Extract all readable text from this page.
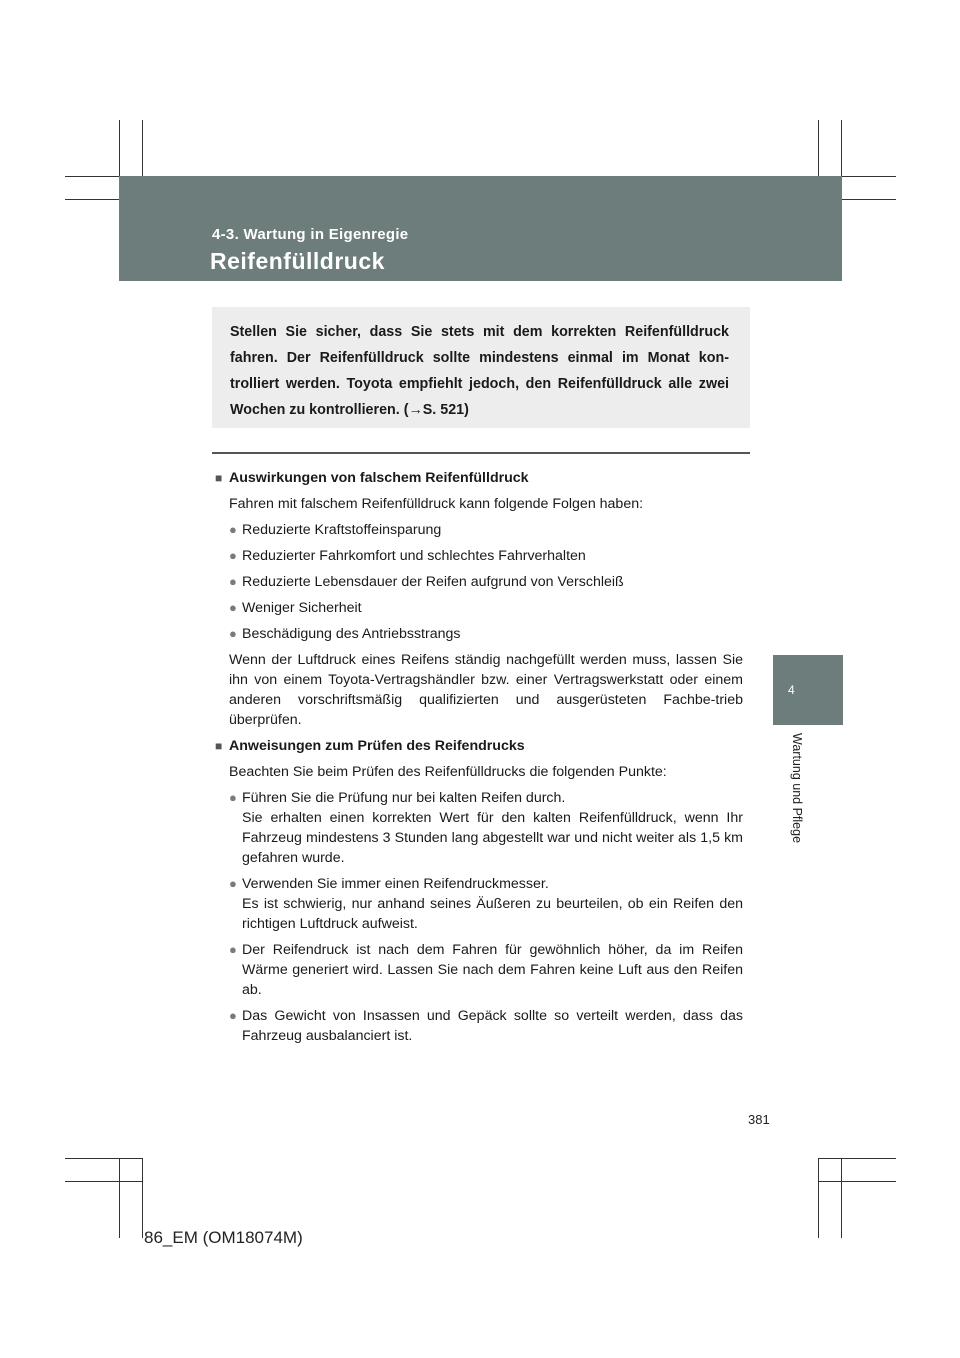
4-3. Wartung in Eigenregie
Reifenfülldruck

Stellen Sie sicher, dass Sie stets mit dem korrekten Reifenfülldruck fahren. Der Reifenfülldruck sollte mindestens einmal im Monat kon-trolliert werden. Toyota empfiehlt jedoch, den Reifenfülldruck alle zwei Wochen zu kontrollieren. (→S. 521)

■ Auswirkungen von falschem Reifenfülldruck
Fahren mit falschem Reifenfülldruck kann folgende Folgen haben:
● Reduzierte Kraftstoffeinsparung
● Reduzierter Fahrkomfort und schlechtes Fahrverhalten
● Reduzierte Lebensdauer der Reifen aufgrund von Verschleiß
● Weniger Sicherheit
● Beschädigung des Antriebsstrangs
Wenn der Luftdruck eines Reifens ständig nachgefüllt werden muss, lassen Sie ihn von einem Toyota-Vertragshändler bzw. einer Vertragswerkstatt oder einem anderen vorschriftsmäßig qualifizierten und ausgerüsteten Fachbe-trieb überprüfen.
■ Anweisungen zum Prüfen des Reifendrucks
Beachten Sie beim Prüfen des Reifenfülldrucks die folgenden Punkte:
● Führen Sie die Prüfung nur bei kalten Reifen durch.
Sie erhalten einen korrekten Wert für den kalten Reifenfülldruck, wenn Ihr Fahrzeug mindestens 3 Stunden lang abgestellt war und nicht weiter als 1,5 km gefahren wurde.
● Verwenden Sie immer einen Reifendruckmesser.
Es ist schwierig, nur anhand seines Äußeren zu beurteilen, ob ein Reifen den richtigen Luftdruck aufweist.
● Der Reifendruck ist nach dem Fahren für gewöhnlich höher, da im Reifen Wärme generiert wird. Lassen Sie nach dem Fahren keine Luft aus den Reifen ab.
● Das Gewicht von Insassen und Gepäck sollte so verteilt werden, dass das Fahrzeug ausbalanciert ist.
4
Wartung und Pflege
381
86_EM (OM18074M)
